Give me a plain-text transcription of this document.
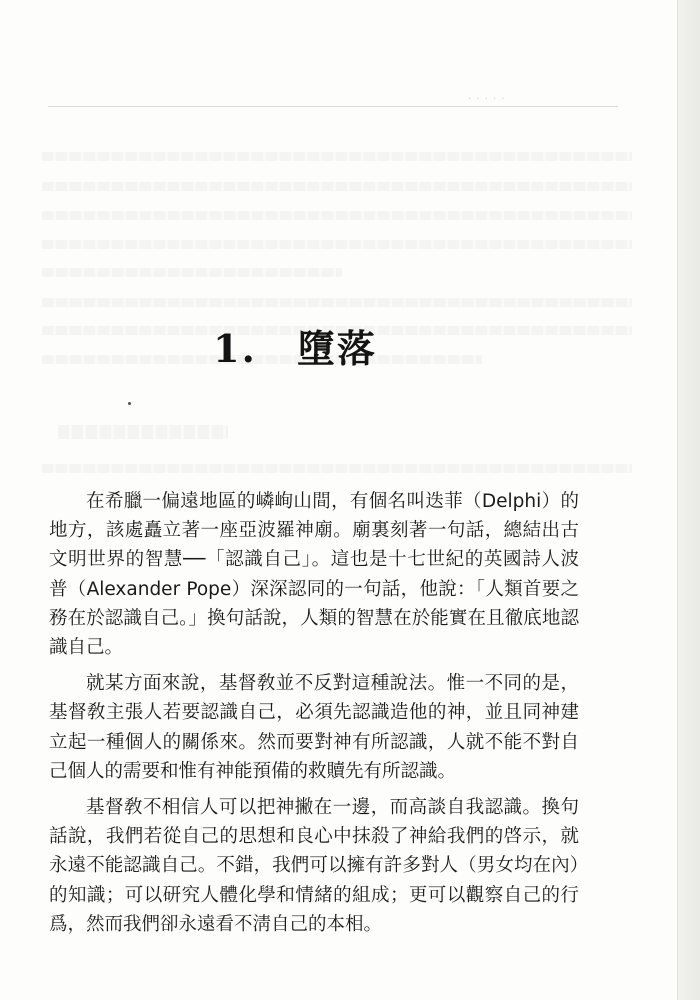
· · · · ·
1. 墮落

在希臘一偏遠地區的嶙峋山間，有個名叫迭菲（Delphi）的地方，該處矗立著一座亞波羅神廟。廟裏刻著一句話，總結出古文明世界的智慧──「認識自己」。這也是十七世紀的英國詩人波普（Alexander Pope）深深認同的一句話，他說：「人類首要之務在於認識自己。」換句話說，人類的智慧在於能實在且徹底地認識自己。

就某方面來說，基督敎並不反對這種說法。惟一不同的是，基督敎主張人若要認識自己，必須先認識造他的神，並且同神建立起一種個人的關係來。然而要對神有所認識，人就不能不對自己個人的需要和惟有神能預備的救贖先有所認識。

基督敎不相信人可以把神撇在一邊，而高談自我認識。換句話說，我們若從自己的思想和良心中抹殺了神給我們的啓示，就永遠不能認識自己。不錯，我們可以擁有許多對人（男女均在內）的知識；可以研究人體化學和情緒的組成；更可以觀察自己的行爲，然而我們卻永遠看不淸自己的本相。
